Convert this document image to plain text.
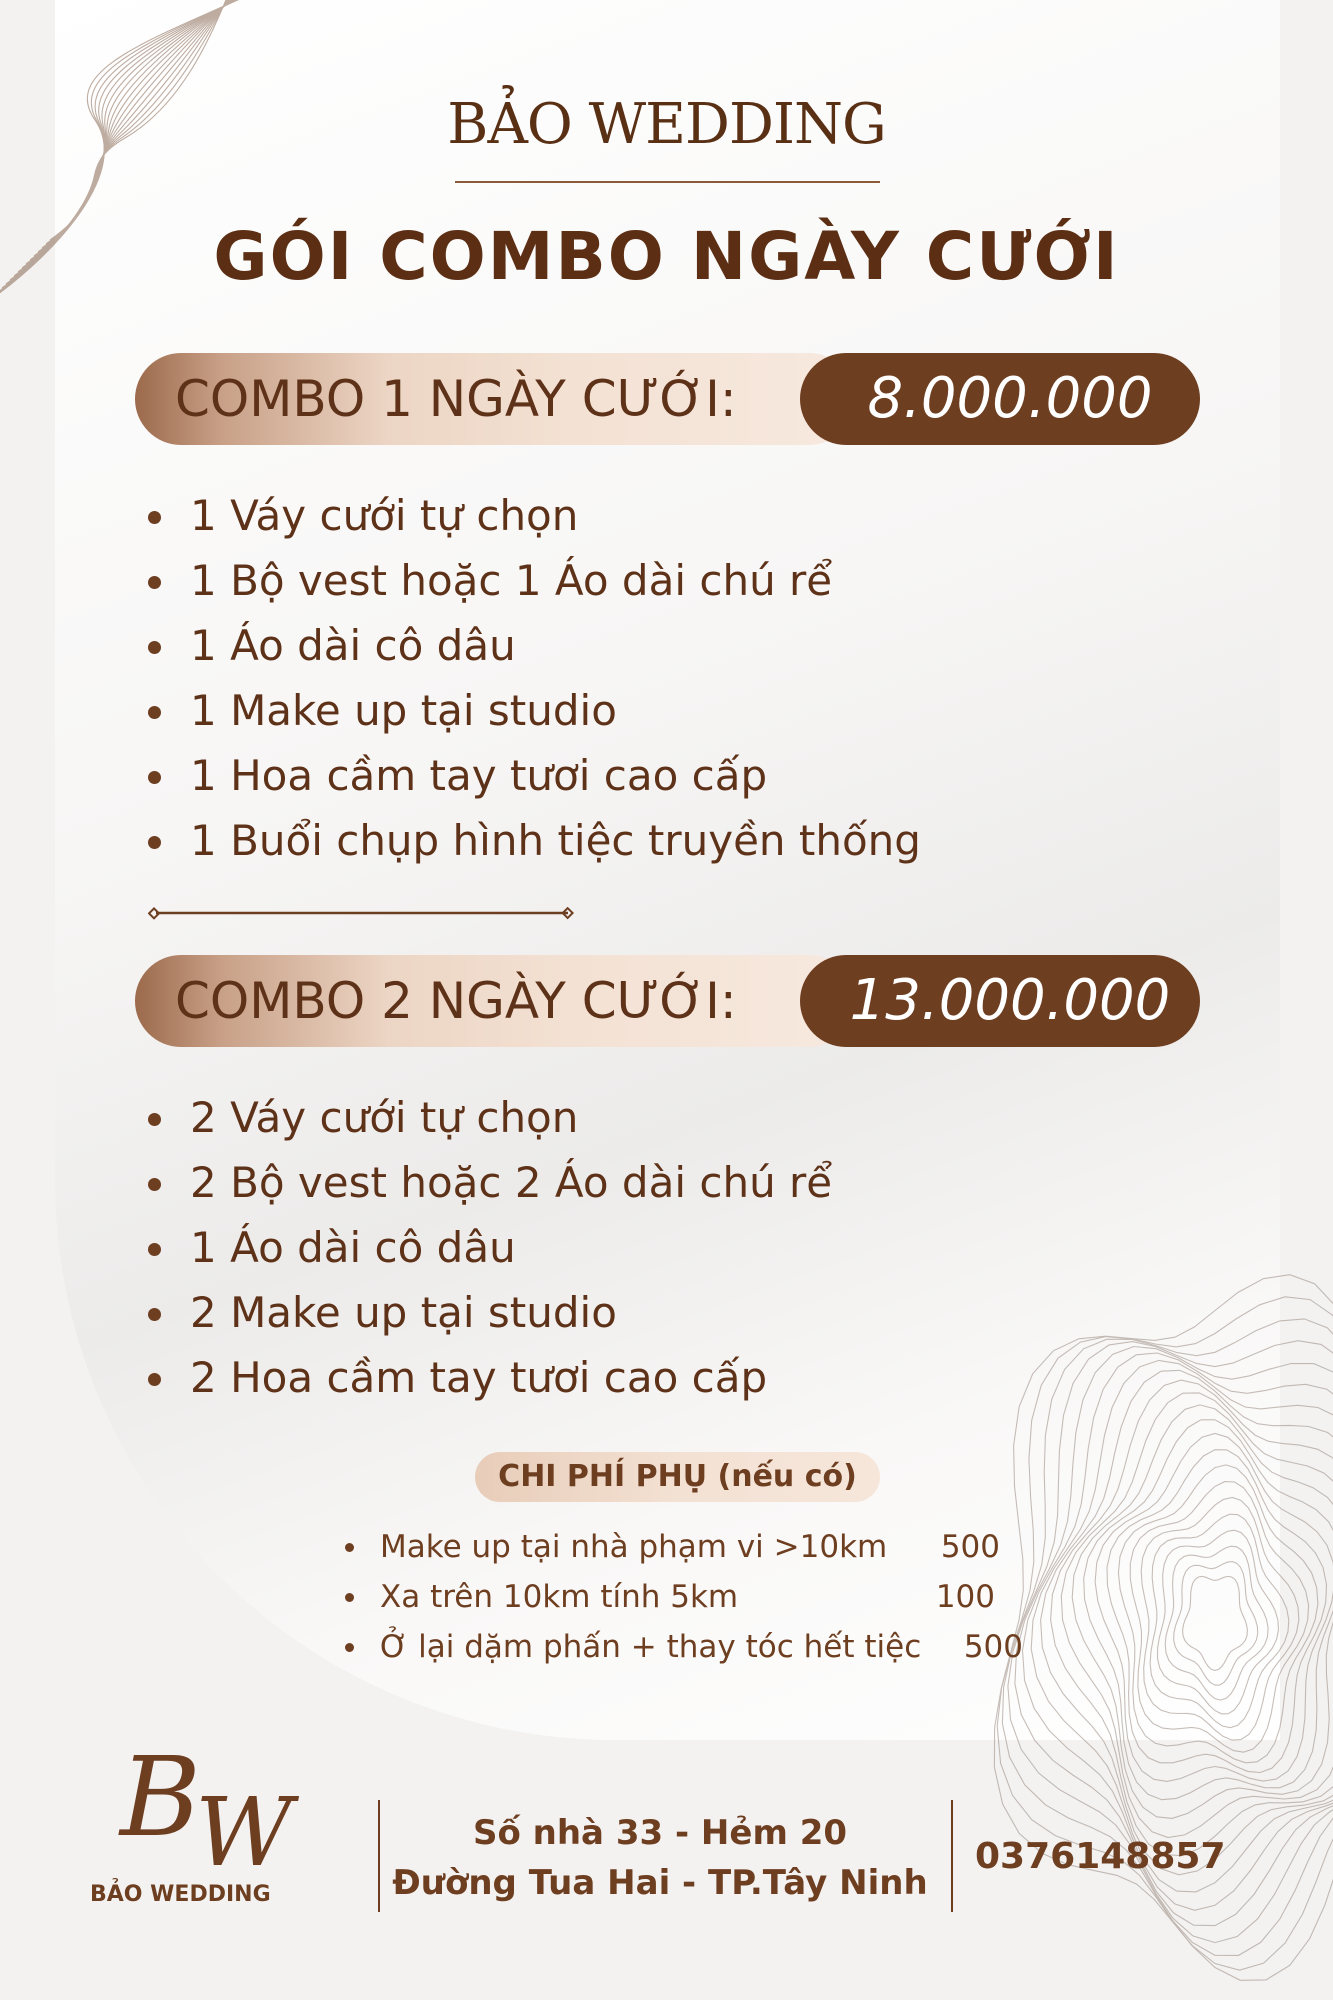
BẢO WEDDING
GÓI COMBO NGÀY CƯỚI
COMBO 1 NGÀY CƯỚI:	8.000.000
1 Váy cưới tự chọn
1 Bộ vest hoặc 1 Áo dài chú rể
1 Áo dài cô dâu
1 Make up tại studio
1 Hoa cầm tay tươi cao cấp
1 Buổi chụp hình tiệc truyền thống
COMBO 2 NGÀY CƯỚI:	13.000.000
2 Váy cưới tự chọn
2 Bộ vest hoặc 2 Áo dài chú rể
1 Áo dài cô dâu
2 Make up tại studio
2 Hoa cầm tay tươi cao cấp
CHI PHÍ PHỤ (nếu có)
Make up tại nhà phạm vi >10km 500
Xa trên 10km tính 5km	100
Ở lại dặm phấn + thay tóc hết tiệc 500
B
W
BẢO WEDDING
Số nhà 33 - Hẻm 20
Đường Tua Hai - TP.Tây Ninh
0376148857
